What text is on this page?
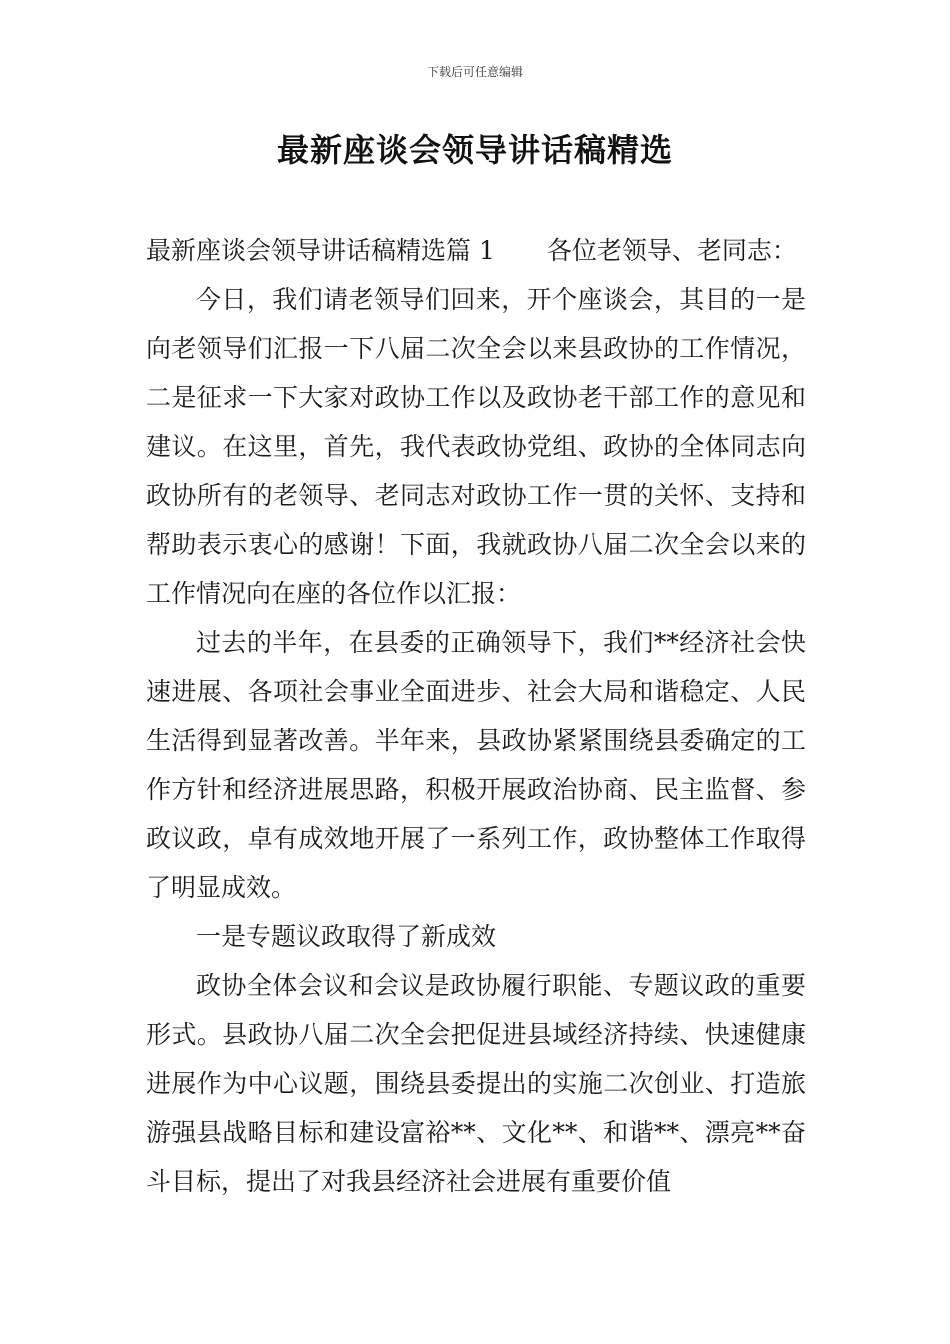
下载后可任意编辑
最新座谈会领导讲话稿精选

最新座谈会领导讲话稿精选篇 1 各位老领导、老同志：

今日，我们请老领导们回来，开个座谈会，其目的一是向老领导们汇报一下八届二次全会以来县政协的工作情况，二是征求一下大家对政协工作以及政协老干部工作的意见和建议。在这里，首先，我代表政协党组、政协的全体同志向政协所有的老领导、老同志对政协工作一贯的关怀、支持和帮助表示衷心的感谢！下面，我就政协八届二次全会以来的工作情况向在座的各位作以汇报：

过去的半年，在县委的正确领导下，我们**经济社会快速进展、各项社会事业全面进步、社会大局和谐稳定、人民生活得到显著改善。半年来，县政协紧紧围绕县委确定的工作方针和经济进展思路，积极开展政治协商、民主监督、参政议政，卓有成效地开展了一系列工作，政协整体工作取得了明显成效。

一是专题议政取得了新成效

政协全体会议和会议是政协履行职能、专题议政的重要形式。县政协八届二次全会把促进县域经济持续、快速健康进展作为中心议题，围绕县委提出的实施二次创业、打造旅游强县战略目标和建设富裕**、文化**、和谐**、漂亮**奋斗目标，提出了对我县经济社会进展有重要价值
